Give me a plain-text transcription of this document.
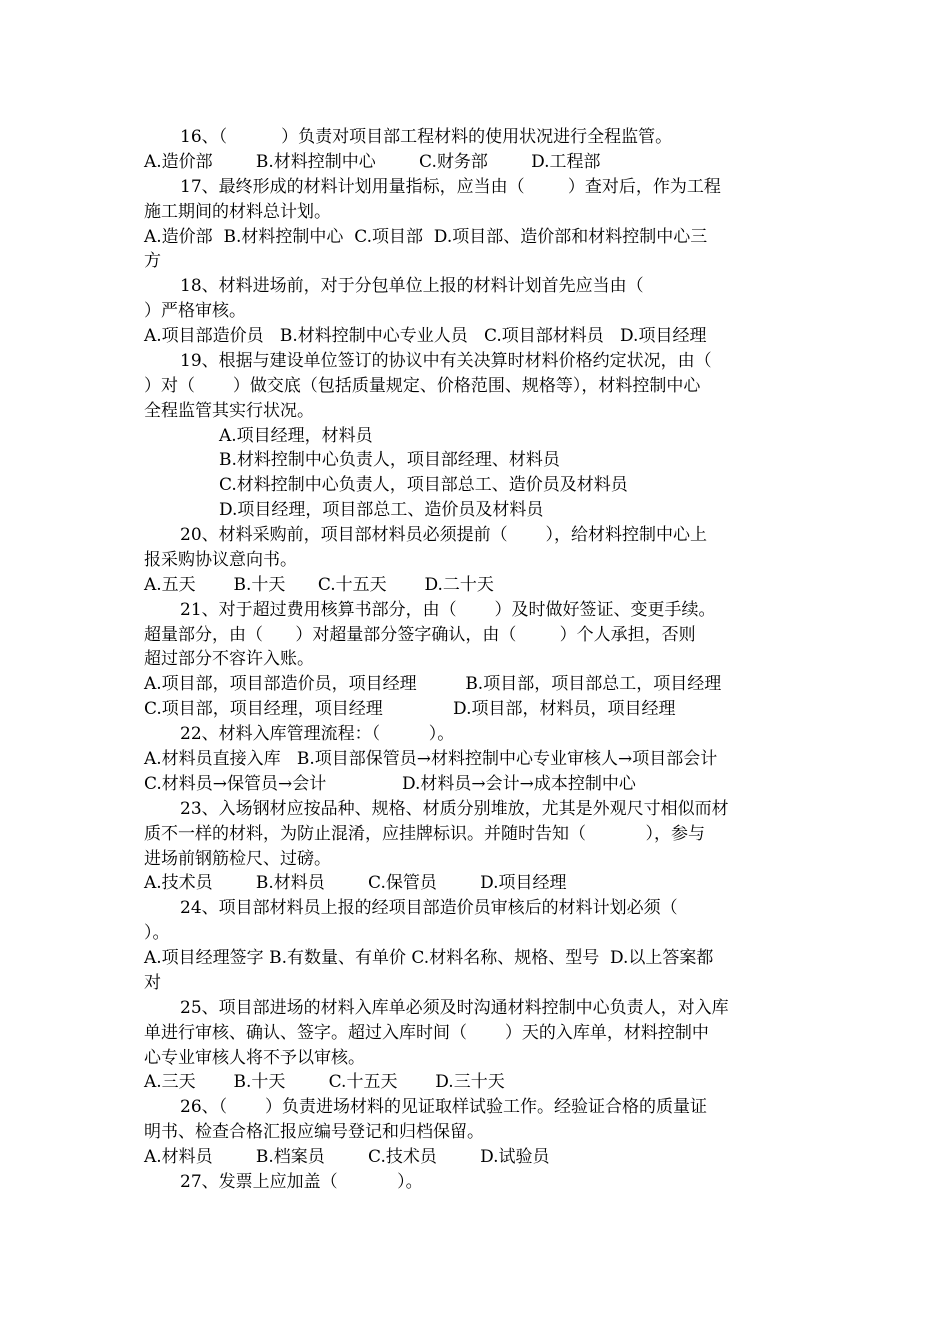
16、（          ）负责对项目部工程材料的使用状况进行全程监管。
A.造价部        B.材料控制中心        C.财务部        D.工程部
17、最终形成的材料计划用量指标，应当由（        ）查对后，作为工程
施工期间的材料总计划。
A.造价部  B.材料控制中心  C.项目部  D.项目部、造价部和材料控制中心三
方
18、材料进场前，对于分包单位上报的材料计划首先应当由（
）严格审核。
A.项目部造价员   B.材料控制中心专业人员   C.项目部材料员   D.项目经理
19、根据与建设单位签订的协议中有关决算时材料价格约定状况，由（
）对（       ）做交底（包括质量规定、价格范围、规格等），材料控制中心
全程监管其实行状况。
A.项目经理，材料员
B.材料控制中心负责人，项目部经理、材料员
C.材料控制中心负责人，项目部总工、造价员及材料员
D.项目经理，项目部总工、造价员及材料员
20、材料采购前，项目部材料员必须提前（       ），给材料控制中心上
报采购协议意向书。
A.五天       B.十天      C.十五天       D.二十天
21、对于超过费用核算书部分，由（       ）及时做好签证、变更手续。
超量部分，由（      ）对超量部分签字确认，由（        ）个人承担，否则
超过部分不容许入账。
A.项目部，项目部造价员，项目经理         B.项目部，项目部总工，项目经理
C.项目部，项目经理，项目经理             D.项目部，材料员，项目经理
22、材料入库管理流程：（         ）。
A.材料员直接入库   B.项目部保管员→材料控制中心专业审核人→项目部会计
C.材料员→保管员→会计              D.材料员→会计→成本控制中心
23、入场钢材应按品种、规格、材质分别堆放，尤其是外观尺寸相似而材
质不一样的材料，为防止混淆，应挂牌标识。并随时告知（           ），参与
进场前钢筋检尺、过磅。
A.技术员        B.材料员        C.保管员        D.项目经理
24、项目部材料员上报的经项目部造价员审核后的材料计划必须（
）。
A.项目经理签字 B.有数量、有单价 C.材料名称、规格、型号  D.以上答案都
对
25、项目部进场的材料入库单必须及时沟通材料控制中心负责人，对入库
单进行审核、确认、签字。超过入库时间（       ）天的入库单，材料控制中
心专业审核人将不予以审核。
A.三天       B.十天        C.十五天       D.三十天
26、（       ）负责进场材料的见证取样试验工作。经验证合格的质量证
明书、检查合格汇报应编号登记和归档保留。
A.材料员        B.档案员        C.技术员        D.试验员
27、发票上应加盖（           ）。
